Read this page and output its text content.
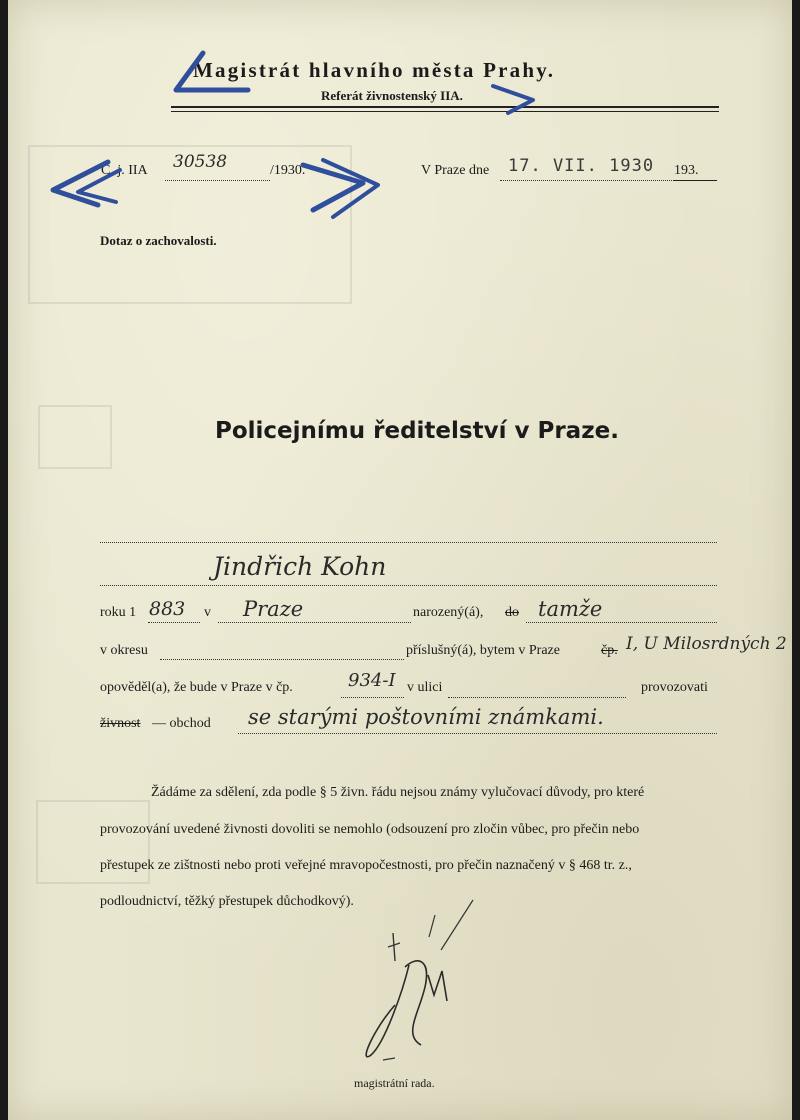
Magistrát hlavního města Prahy.
Referát živnostenský IIA.
Č. j. IIA 30538	/1930.	V Praze dne 17. VII. 1930 193.
Dotaz o zachovalosti.
Policejnímu ředitelství v Praze.
Jindřich Kohn
roku 1 883 v Praze	narozený(á), do tamže
v okresu	příslušný(á), bytem v Praze	čp. I, U Milosrdných 2
opověděl(a), že bude v Praze v čp.	934-I v ulici	provozovati
živnost — obchod se starými poštovními známkami.
Žádáme za sdělení, zda podle § 5 živn. řádu nejsou známy vylučovací důvody, pro které
provozování uvedené živnosti dovoliti se nemohlo (odsouzení pro zločin vůbec, pro přečin nebo
přestupek ze zištnosti nebo proti veřejné mravopočestnosti, pro přečin naznačený v § 468 tr. z.,
podloudnictví, těžký přestupek důchodkový).
magistrátní rada.
